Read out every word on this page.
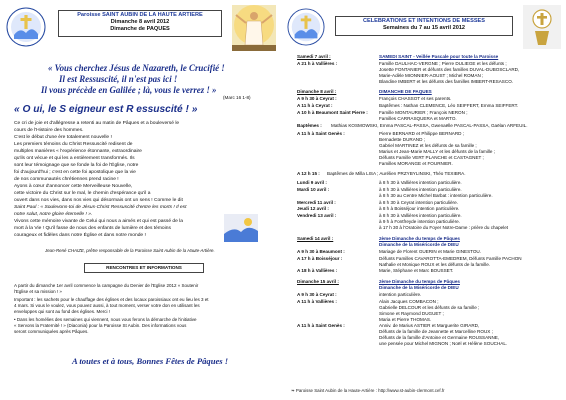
Paroisse SAINT AUBIN DE LA HAUTE ARTIERE
Dimanche 8 avril 2012
Dimanche de PAQUES
« Vous cherchez Jésus de Nazareth, le Crucifié !
Il est Ressuscité, il n'est pas ici !
Il vous précède en Galilée ; là, vous le verrez ! »
(Marc 16 1-8)
« O ui, le S eigneur est R essuscité ! »
Ce cri de joie et d'allégresse a retenti au matin de Pâques et a bouleversé le
cours de l'Histoire des hommes.
C'est le début d'une ère totalement nouvelle !
Les premiers témoins du Christ Ressuscité redisent de
multiples manières « l'expérience étonnante, extraordinaire
qu'ils ont vécue et qui les a entièrement transformés. Ils
sont leur témoignage que se fonde la foi de l'Église, notre
foi d'aujourd'hui ; c'est en cette foi apostolique que la vie
de nos communautés chrétiennes prend racine !
Ayons à cœur d'annoncer cette Merveilleuse Nouvelle,
cette victoire du Christ sur le mal, le chemin d'espérance qu'il a
ouvert dans nos vies, dans nos vies qui désormais ont un sens ! Comme le dit
Saint Paul : « Soulevons-toi de Jésus-Christ Ressuscité d'entre les morts ! Il est
notre salut, notre gloire éternelle ! ».
Vivons cette mémoire vivante de Celui qui nous a aimés et qui est passé de la
mort à la Vie ! Qu'il fasse de nous des enfants de lumière et des témoins
courageux et fidèles dans notre Église et dans notre monde !
Jean-René CHAIZE, prêtre responsable de la Paroisse Saint Aubin de la Haute-Artière.
RENCONTRES ET INFORMATIONS
A partir du dimanche 1er avril commence la campagne du Denier de l'Eglise 2012 « Soutenir
l'Eglise et sa mission ! »
Important : les sachets pour le chauffage des églises et des locaux paroissiaux ont eu lieu les 3 et
4 mars. Si vous le voulez, vous pouvez aussi, à tout moment, verser votre don en utilisant les
enveloppes qui sont au fond des églises. Merci !
• Dans les homélies des semaines qui viennent, nous vous ferons la démarche de l'initiative
« Servons la Fraternité ! » (Diaconia) pour la Paroisse St Aubin. Des informations vous
seront communiquées après Pâques.
A toutes et à tous, Bonnes Fêtes de Pâques !
CELEBRATIONS ET INTENTIONS DE MESSES
Semaines du 7 au 15 avril 2012
Samedi 7 avril :	SAMEDI SAINT - Veillée Pascale pour toute la Paroisse
A 21 h à Vallières :	Famille DAULHAC-VERGNE ; Pierre DULIEGE et les défunts ;
Josette FONTANIER et défunts des familles DUVAL-DUBOSCLARD,
Marie-Adèle MIONNIER-AOUST ; Michel ROMAN ;
Blandine IMBERT et les défunts des familles IMBERT-RESASCO.
Dimanche 8 avril :	DIMANCHE DE PAQUES
A 9 h 30 à Ceyrat :	François CHASSOT et ses parents.
A 11 h à Ceyrat :	Baptêmes : Nathan CLEMENCE, Léo SEIFFERT, Emma SEIFFERT.
A 10 h à Beaumont Saint Pierre : Famille MONTAURIER ; François NERON ;
Familles CARRASQUERA et MARTO.
Baptêmes : Mathias KOSMOWSKI, Emma PASCAL-PASSA, Gwenaëlle PASCAL-PASSA, Gaëlan ARFEUIL.
A 11 h à Saint Genès :	Pierre BERNARD et Philippe BERNARD ;
Bernadette DURAND ;
Gabriel MARTINEZ et les défunts de sa famille ;
Marius et Jean-Marie MALLY et les défunts de la famille ;
Défunts Famille VERT PLANCHE et CASTAGNET ;
Familles MORANGE et FOURNIER.
A 12 h 15 : Baptêmes de Milla LISA ; Aurélien PRZYBYLINSKI, Théo TEXIBRA.
Lundi 9 avril :	à 8 h 30 à Vallières intention particulière.
Mardi 10 avril :	à 8 h 30 à Vallières intention particulière.
à 8 h 30 au Centre Michel Barbat : intention particulière.
Mercredi 11 avril :	à 8 h 30 à Ceyrat intention particulière.
Jeudi 12 avril :	à 8 h à Boisséjour intention particulière.
Vendredi 13 avril :	à 8 h 30 à Vallières intention particulière.
à 9 h à Fontfreyde intention particulière.
à 17 h 30 à l'Oratoire du Foyer Notre-Dame : prière du chapelet
Samedi 14 avril :	2ème Dimanche du temps de Pâques
Dimanche de la Miséricorde de DIEU
A 9 h 30 à Beaumont :	Mariage de Florent GUERIN et Marie GINESTOU.
A 17 h à Boisséjour :	Défunts Familles CAVAROTTA-EMEDREM, Défunts Famille PACHON
Nathalie et Monique ROUX et les défunts de la famille.
A 18 h à Vallières :	Marie, Stéphane et Marc BOUSSET.
Dimanche 15 avril :	2ème Dimanche du temps de Pâques
Dimanche de la Miséricorde de DIEU
A 9 h 30 à Ceyrat :	intention particulière.
A 11 h à Vallières :	Alain Jacques COMBACON ;
Gabrielle DELCOUR et les défunts de sa famille ;
Simone et Raymond DUGUET ;
Maria et Pierre THOMAS.
A 11 h à Saint Genès :	Anniv. de Marius ASTIER et Marguerite GIRARD,
Défunts de la famille de Jeannette et Marcelline ROUX ;
Défunts de la famille d'Antoine et Germaine ROUSSANNE,
une pensée pour Michel MIGNON ; Noël et Hélène SOUCHAL.
❧ Paroisse Saint Aubin de la Haute-Artière : http://www.st-aubin-clermont.cef.fr
